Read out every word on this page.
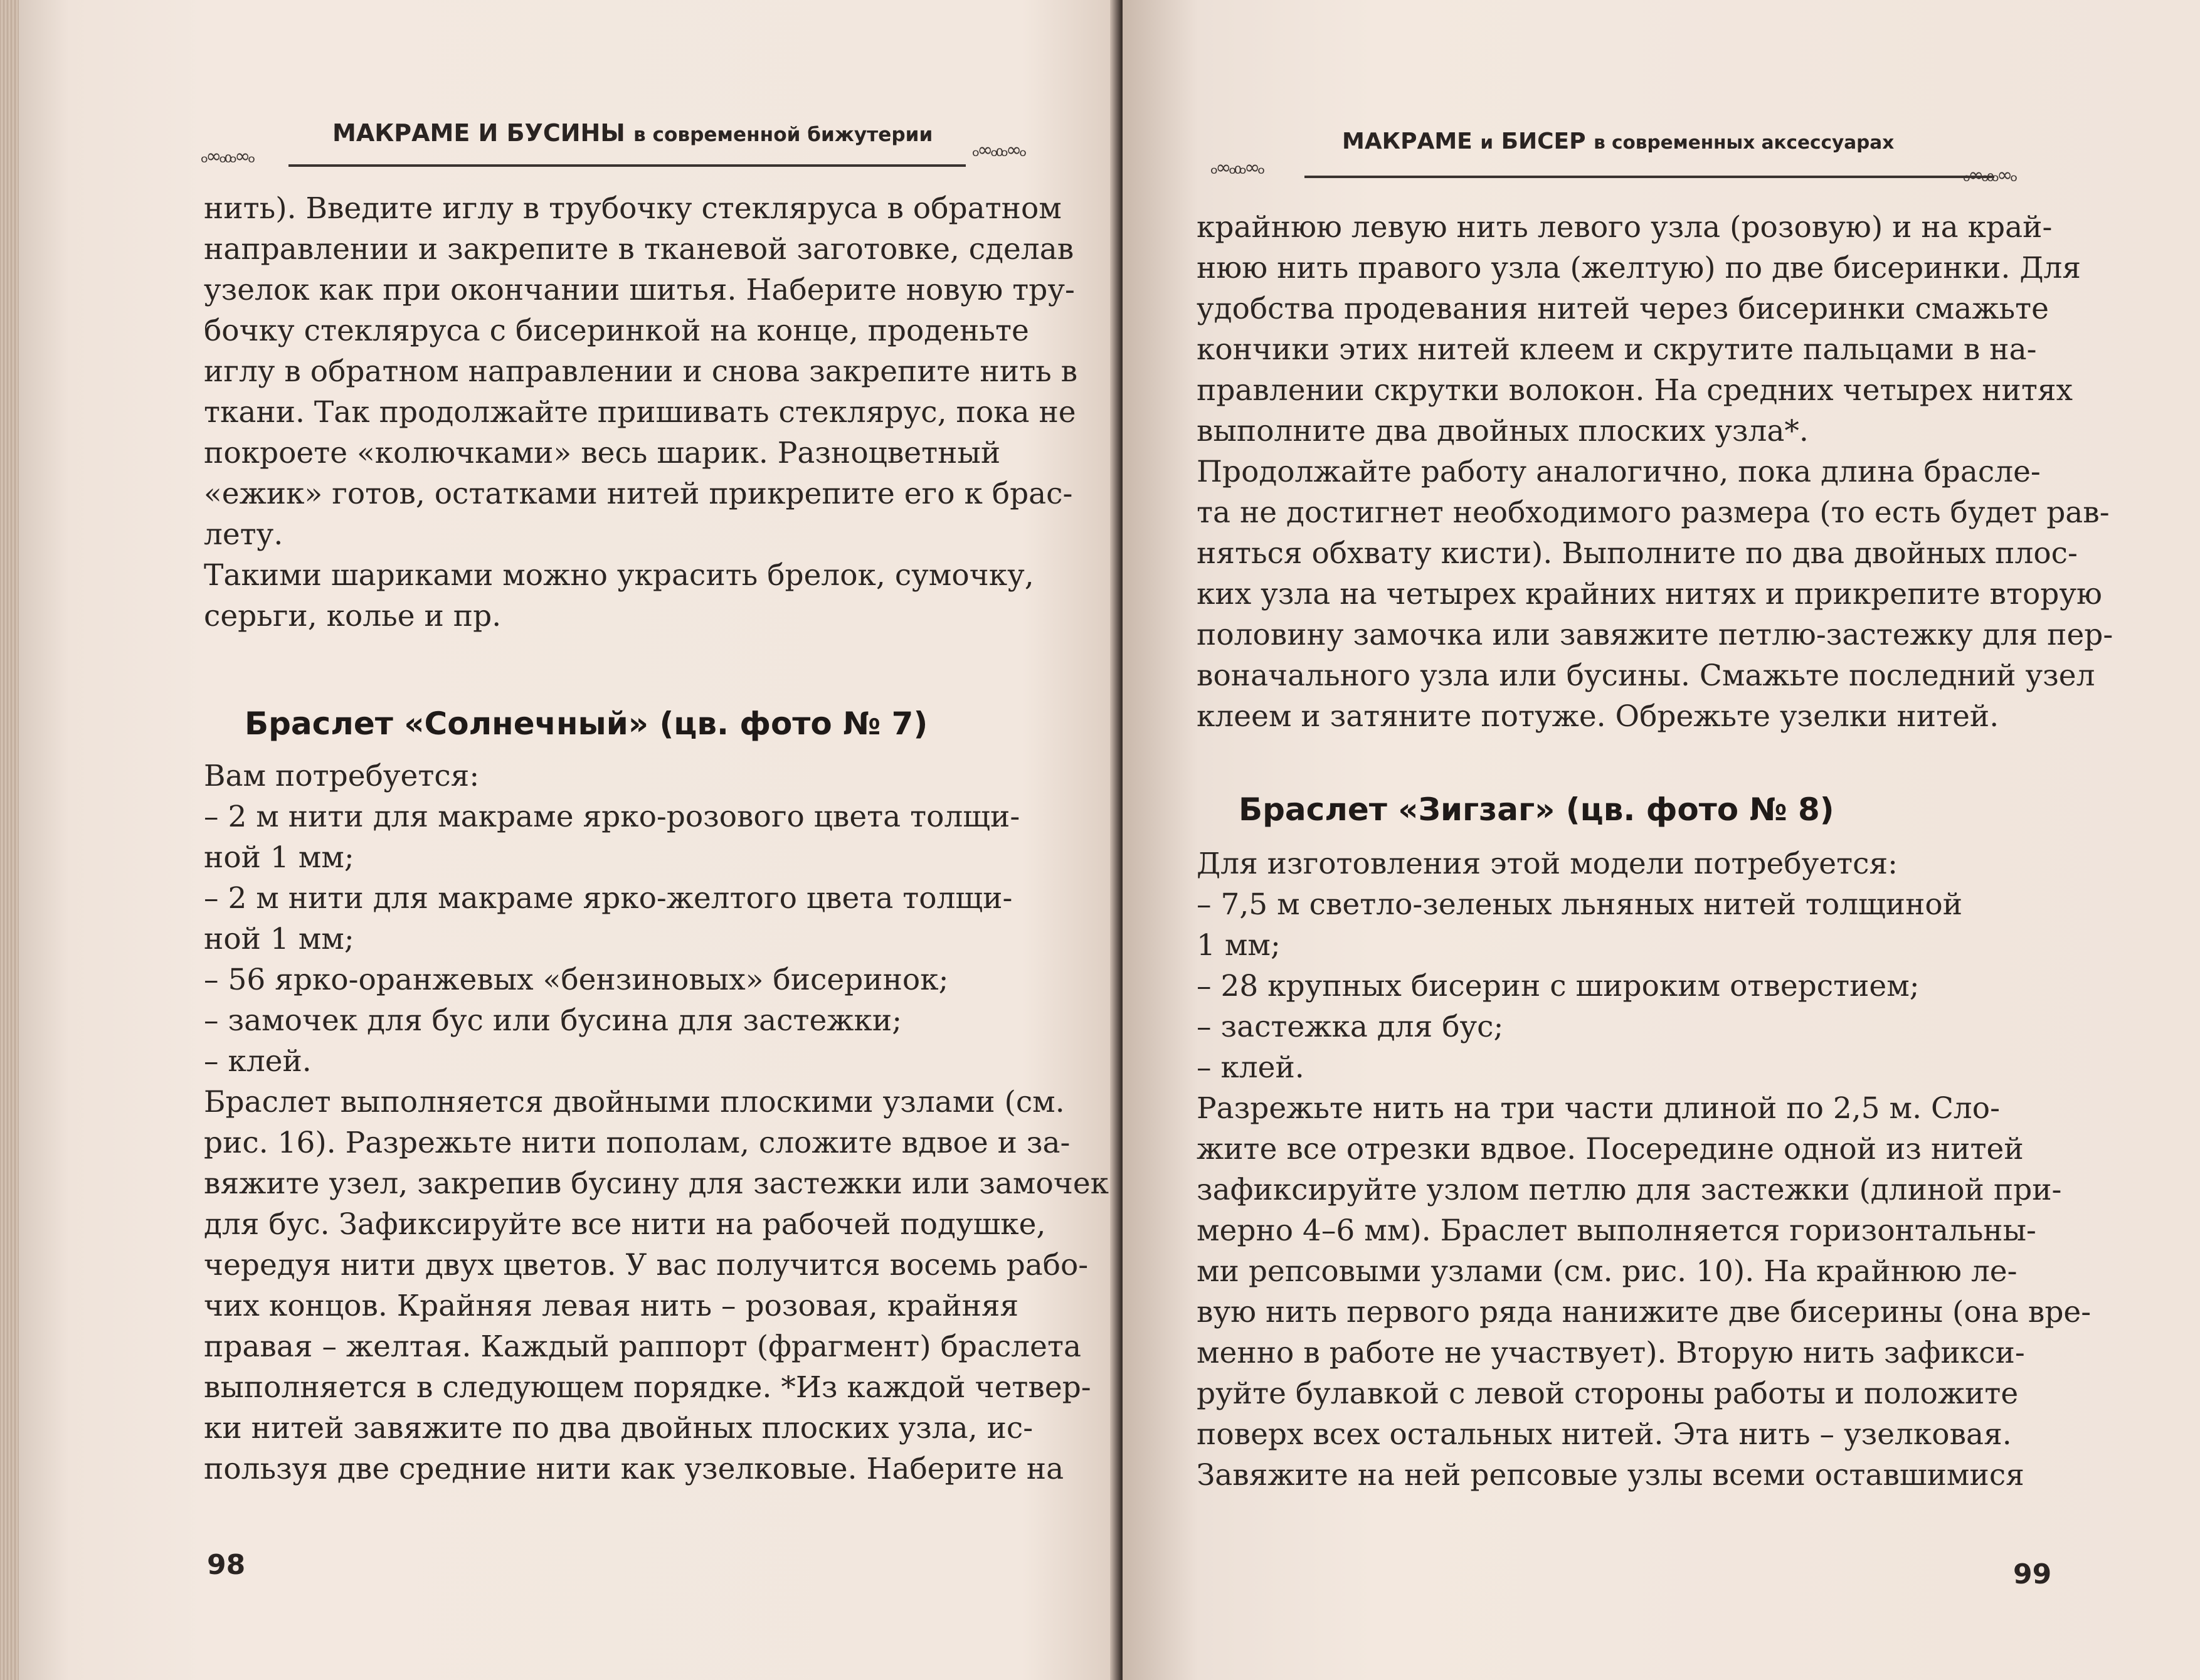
МАКРАМЕ И БУСИНЫ в современной бижутерии
ₒ∞ₒ₀ₒ∞ₒ	ₒ∞ₒ₀ₒ∞ₒ
нить). Введите иглу в трубочку стекляруса в обратном
направлении и закрепите в тканевой заготовке, сделав
узелок как при окончании шитья. Наберите новую тру-
бочку стекляруса с бисеринкой на конце, проденьте
иглу в обратном направлении и снова закрепите нить в
ткани. Так продолжайте пришивать стеклярус, пока не
покроете «колючками» весь шарик. Разноцветный
«ежик» готов, остатками нитей прикрепите его к брас-
лету.
Такими шариками можно украсить брелок, сумочку,
серьги, колье и пр.
Браслет «Солнечный» (цв. фото № 7)
Вам потребуется:
– 2 м нити для макраме ярко-розового цвета толщи-
ной 1 мм;
– 2 м нити для макраме ярко-желтого цвета толщи-
ной 1 мм;
– 56 ярко-оранжевых «бензиновых» бисеринок;
– замочек для бус или бусина для застежки;
– клей.
Браслет выполняется двойными плоскими узлами (см.
рис. 16). Разрежьте нити пополам, сложите вдвое и за-
вяжите узел, закрепив бусину для застежки или замочек
для бус. Зафиксируйте все нити на рабочей подушке,
чередуя нити двух цветов. У вас получится восемь рабо-
чих концов. Крайняя левая нить – розовая, крайняя
правая – желтая. Каждый раппорт (фрагмент) браслета
выполняется в следующем порядке. *Из каждой четвер-
ки нитей завяжите по два двойных плоских узла, ис-
пользуя две средние нити как узелковые. Наберите на
98
МАКРАМЕ и БИСЕР в современных аксессуарах
ₒ∞ₒ₀ₒ∞ₒ	ₒ∞ₒ₀ₒ∞ₒ
крайнюю левую нить левого узла (розовую) и на край-
нюю нить правого узла (желтую) по две бисеринки. Для
удобства продевания нитей через бисеринки смажьте
кончики этих нитей клеем и скрутите пальцами в на-
правлении скрутки волокон. На средних четырех нитях
выполните два двойных плоских узла*.
Продолжайте работу аналогично, пока длина брасле-
та не достигнет необходимого размера (то есть будет рав-
няться обхвату кисти). Выполните по два двойных плос-
ких узла на четырех крайних нитях и прикрепите вторую
половину замочка или завяжите петлю-застежку для пер-
воначального узла или бусины. Смажьте последний узел
клеем и затяните потуже. Обрежьте узелки нитей.
Браслет «Зигзаг» (цв. фото № 8)
Для изготовления этой модели потребуется:
– 7,5 м светло-зеленых льняных нитей толщиной
1 мм;
– 28 крупных бисерин с широким отверстием;
– застежка для бус;
– клей.
Разрежьте нить на три части длиной по 2,5 м. Сло-
жите все отрезки вдвое. Посередине одной из нитей
зафиксируйте узлом петлю для застежки (длиной при-
мерно 4–6 мм). Браслет выполняется горизонтальны-
ми репсовыми узлами (см. рис. 10). На крайнюю ле-
вую нить первого ряда нанижите две бисерины (она вре-
менно в работе не участвует). Вторую нить зафикси-
руйте булавкой с левой стороны работы и положите
поверх всех остальных нитей. Эта нить – узелковая.
Завяжите на ней репсовые узлы всеми оставшимися
99
